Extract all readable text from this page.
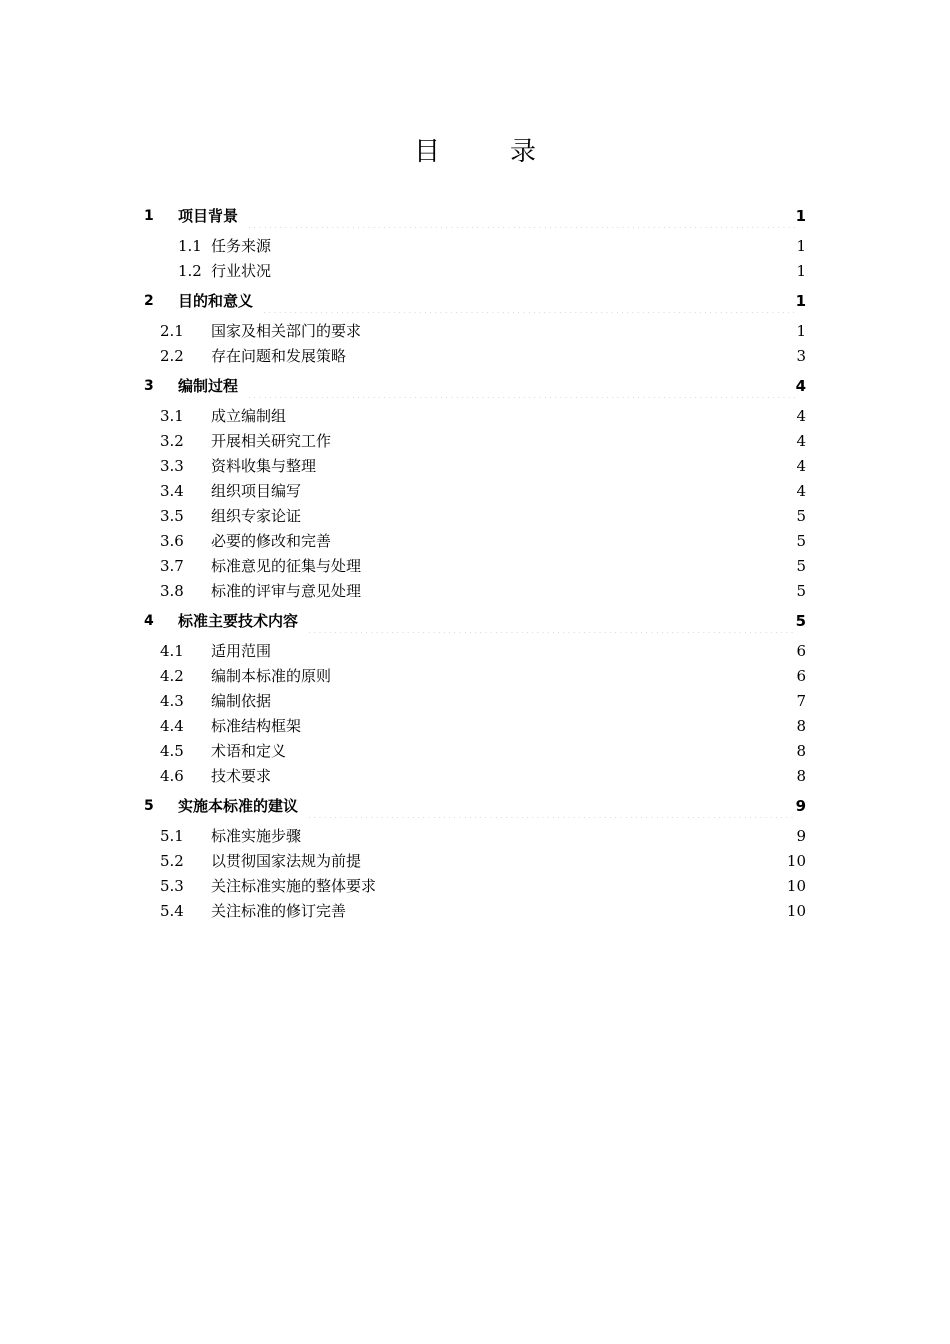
目　录
1 项目背景	1
1.1 任务来源	1
1.2 行业状况	1
2 目的和意义	1
2.1 国家及相关部门的要求	1
2.2 存在问题和发展策略	3
3 编制过程	4
3.1 成立编制组	4
3.2 开展相关研究工作	4
3.3 资料收集与整理	4
3.4 组织项目编写	4
3.5 组织专家论证	5
3.6 必要的修改和完善	5
3.7 标准意见的征集与处理	5
3.8 标准的评审与意见处理	5
4 标准主要技术内容	5
4.1 适用范围	6
4.2 编制本标准的原则	6
4.3 编制依据	7
4.4 标准结构框架	8
4.5 术语和定义	8
4.6 技术要求	8
5 实施本标准的建议	9
5.1 标准实施步骤	9
5.2 以贯彻国家法规为前提	10
5.3 关注标准实施的整体要求	10
5.4 关注标准的修订完善	10
